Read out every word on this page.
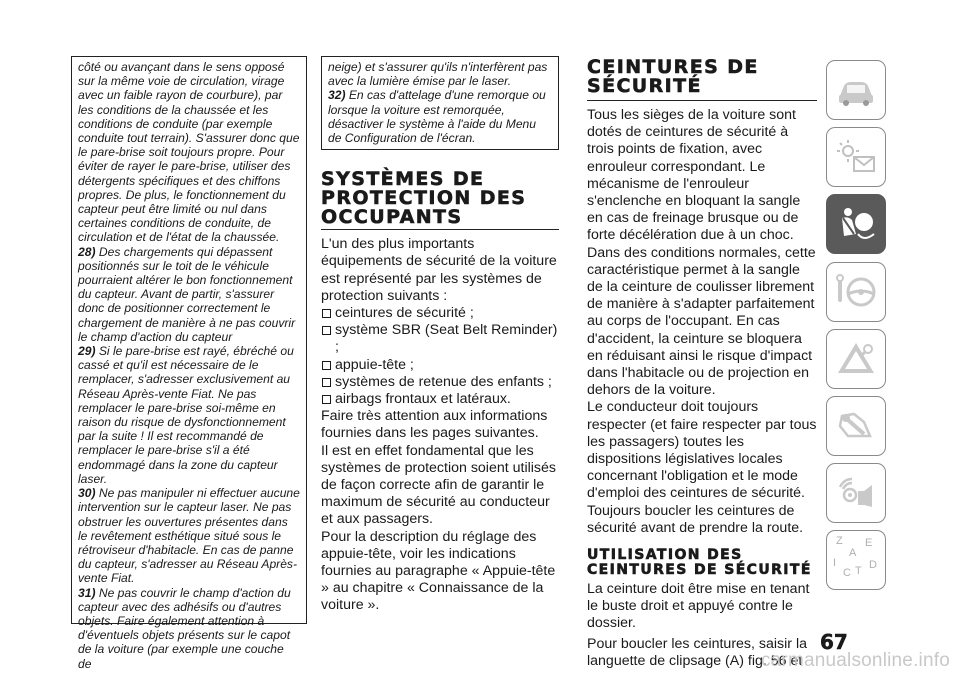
côté ou avançant dans le sens opposé sur la même voie de circulation, virage avec un faible rayon de courbure), par les conditions de la chaussée et les conditions de conduite (par exemple conduite tout terrain). S'assurer donc que le pare-brise soit toujours propre. Pour éviter de rayer le pare-brise, utiliser des détergents spécifiques et des chiffons propres. De plus, le fonctionnement du capteur peut être limité ou nul dans certaines conditions de conduite, de circulation et de l'état de la chaussée.

28) Des chargements qui dépassent positionnés sur le toit de le véhicule pourraient altérer le bon fonctionnement du capteur. Avant de partir, s'assurer donc de positionner correctement le chargement de manière à ne pas couvrir le champ d'action du capteur

29) Si le pare-brise est rayé, ébréché ou cassé et qu'il est nécessaire de le remplacer, s'adresser exclusivement au Réseau Après-vente Fiat. Ne pas remplacer le pare-brise soi-même en raison du risque de dysfonctionnement par la suite ! Il est recommandé de remplacer le pare-brise s'il a été endommagé dans la zone du capteur laser.

30) Ne pas manipuler ni effectuer aucune intervention sur le capteur laser. Ne pas obstruer les ouvertures présentes dans le revêtement esthétique situé sous le rétroviseur d'habitacle. En cas de panne du capteur, s'adresser au Réseau Après-vente Fiat.

31) Ne pas couvrir le champ d'action du capteur avec des adhésifs ou d'autres objets. Faire également attention à d'éventuels objets présents sur le capot de la voiture (par exemple une couche de

neige) et s'assurer qu'ils n'interfèrent pas avec la lumière émise par le laser.

32) En cas d'attelage d'une remorque ou lorsque la voiture est remorquée, désactiver le système à l'aide du Menu de Configuration de l'écran.

SYSTÈMES DE PROTECTION DES OCCUPANTS

L'un des plus importants équipements de sécurité de la voiture est représenté par les systèmes de protection suivants :

ceintures de sécurité ;
système SBR (Seat Belt Reminder) ;
appuie-tête ;
systèmes de retenue des enfants ;
airbags frontaux et latéraux.

Faire très attention aux informations fournies dans les pages suivantes.

Il est en effet fondamental que les systèmes de protection soient utilisés de façon correcte afin de garantir le maximum de sécurité au conducteur et aux passagers.

Pour la description du réglage des appuie-tête, voir les indications fournies au paragraphe « Appuie-tête » au chapitre « Connaissance de la voiture ».

CEINTURES DE SÉCURITÉ

Tous les sièges de la voiture sont dotés de ceintures de sécurité à trois points de fixation, avec enrouleur correspondant. Le mécanisme de l'enrouleur s'enclenche en bloquant la sangle en cas de freinage brusque ou de forte décélération due à un choc. Dans des conditions normales, cette caractéristique permet à la sangle de la ceinture de coulisser librement de manière à s'adapter parfaitement au corps de l'occupant. En cas d'accident, la ceinture se bloquera en réduisant ainsi le risque d'impact dans l'habitacle ou de projection en dehors de la voiture.

Le conducteur doit toujours respecter (et faire respecter par tous les passagers) toutes les dispositions législatives locales concernant l'obligation et le mode d'emploi des ceintures de sécurité.

Toujours boucler les ceintures de sécurité avant de prendre la route.

UTILISATION DES CEINTURES DE SÉCURITÉ

La ceinture doit être mise en tenant le buste droit et appuyé contre le dossier.

Pour boucler les ceintures, saisir la languette de clipsage (A) fig. 56 et

Z E
A
I
C T D
67
carmanualsonline.info
